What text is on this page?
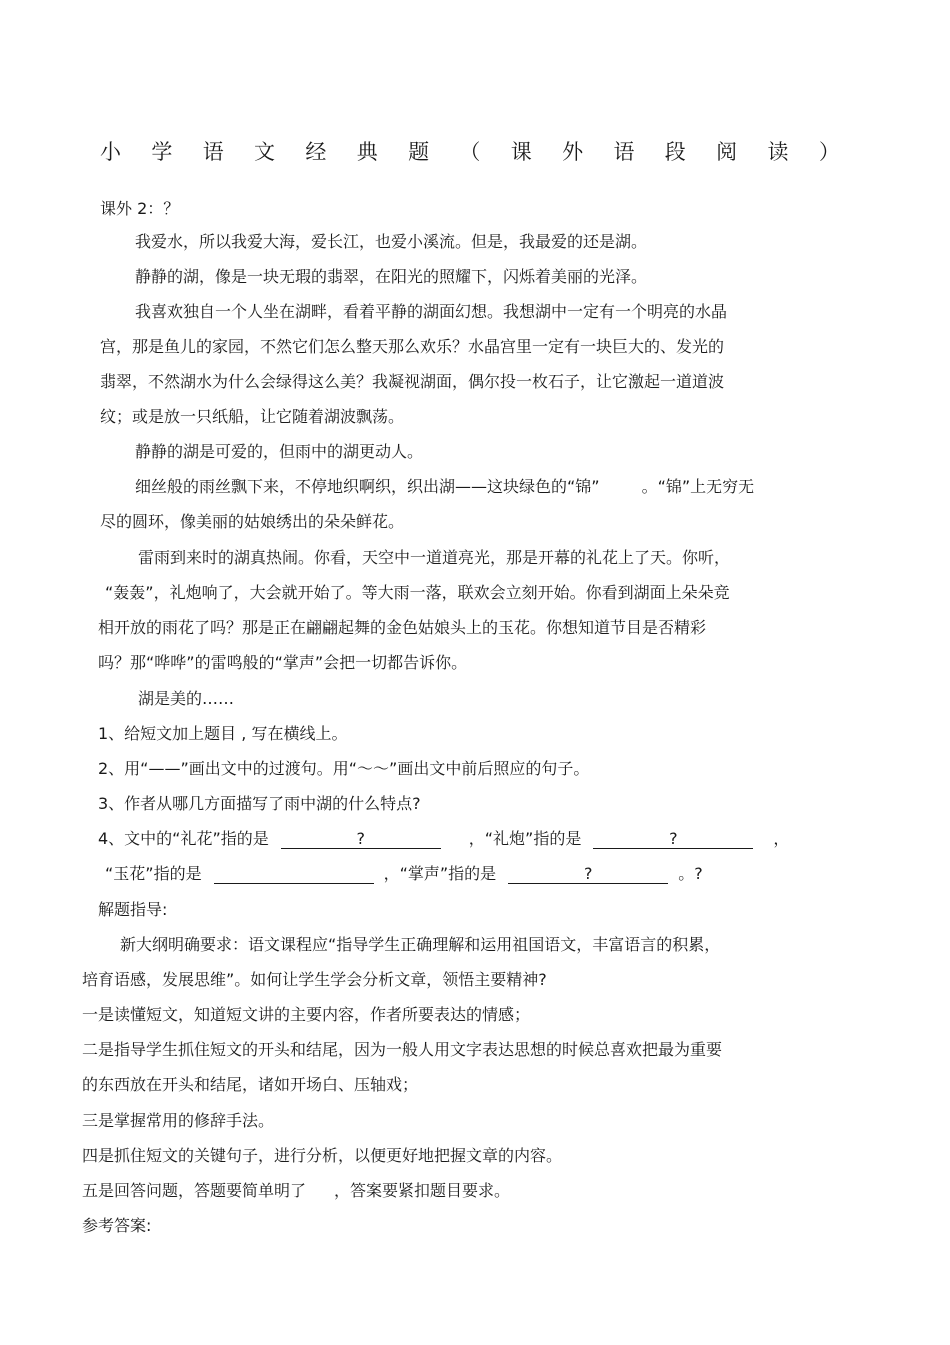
小 学 语 文 经 典 题 （ 课 外 语 段 阅 读 ）
课外 2：？
我爱水，所以我爱大海，爱长江，也爱小溪流。但是，我最爱的还是湖。
静静的湖，像是一块无瑕的翡翠，在阳光的照耀下，闪烁着美丽的光泽。
我喜欢独自一个人坐在湖畔，看着平静的湖面幻想。我想湖中一定有一个明亮的水晶
宫，那是鱼儿的家园，不然它们怎么整天那么欢乐？水晶宫里一定有一块巨大的、发光的
翡翠，不然湖水为什么会绿得这么美？我凝视湖面，偶尔投一枚石子，让它激起一道道波
纹；或是放一只纸船，让它随着湖波飘荡。
静静的湖是可爱的，但雨中的湖更动人。
细丝般的雨丝飘下来，不停地织啊织，织出湖——这块绿色的“锦”	。“锦”上无穷无
尽的圆环，像美丽的姑娘绣出的朵朵鲜花。
雷雨到来时的湖真热闹。你看，天空中一道道亮光，那是开幕的礼花上了天。你听，
“轰轰”，礼炮响了，大会就开始了。等大雨一落，联欢会立刻开始。你看到湖面上朵朵竞
相开放的雨花了吗？那是正在翩翩起舞的金色姑娘头上的玉花。你想知道节目是否精彩
吗？那“哗哗”的雷鸣般的“掌声”会把一切都告诉你。
湖是美的……
1、给短文加上题目 , 写在横线上。
2、用“——”画出文中的过渡句。用“～～”画出文中前后照应的句子。
3、作者从哪几方面描写了雨中湖的什么特点?
4、文中的“礼花”指的是	?	，“礼炮”指的是	?	，
“玉花”指的是	，“掌声”指的是	?	。?
解题指导:
新大纲明确要求：语文课程应“指导学生正确理解和运用祖国语文，丰富语言的积累，
培育语感，发展思维”。如何让学生学会分析文章，领悟主要精神?
一是读懂短文，知道短文讲的主要内容，作者所要表达的情感；
二是指导学生抓住短文的开头和结尾，因为一般人用文字表达思想的时候总喜欢把最为重要
的东西放在开头和结尾，诸如开场白、压轴戏；
三是掌握常用的修辞手法。
四是抓住短文的关键句子，进行分析，以便更好地把握文章的内容。
五是回答问题，答题要简单明了 ，答案要紧扣题目要求。
参考答案:
